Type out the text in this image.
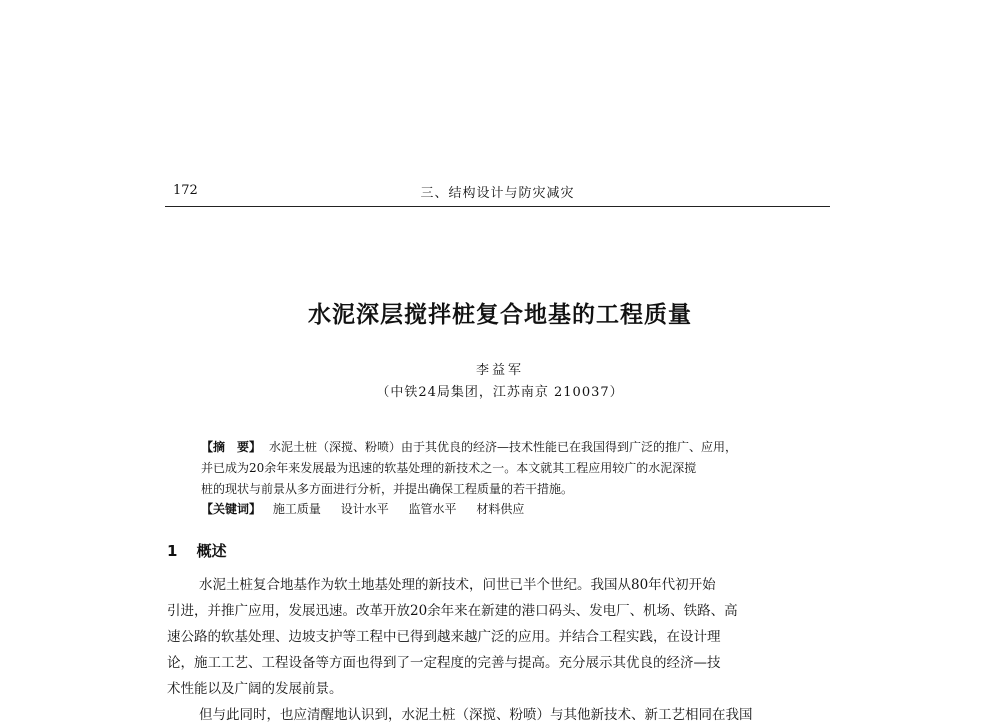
172	三、结构设计与防灾减灾
水泥深层搅拌桩复合地基的工程质量
李益军
（中铁24局集团，江苏南京 210037）
【摘　要】 水泥土桩（深搅、粉喷）由于其优良的经济—技术性能已在我国得到广泛的推广、应用，
并已成为20余年来发展最为迅速的软基处理的新技术之一。本文就其工程应用较广的水泥深搅
桩的现状与前景从多方面进行分析，并提出确保工程质量的若干措施。
【关键词】 施工质量 设计水平 监管水平 材料供应
1 概述
水泥土桩复合地基作为软土地基处理的新技术，问世已半个世纪。我国从80年代初开始
引进，并推广应用，发展迅速。改革开放20余年来在新建的港口码头、发电厂、机场、铁路、高
速公路的软基处理、边坡支护等工程中已得到越来越广泛的应用。并结合工程实践，在设计理
论，施工工艺、工程设备等方面也得到了一定程度的完善与提高。充分展示其优良的经济—技
术性能以及广阔的发展前景。
但与此同时，也应清醒地认识到，水泥土桩（深搅、粉喷）与其他新技术、新工艺相同在我国
